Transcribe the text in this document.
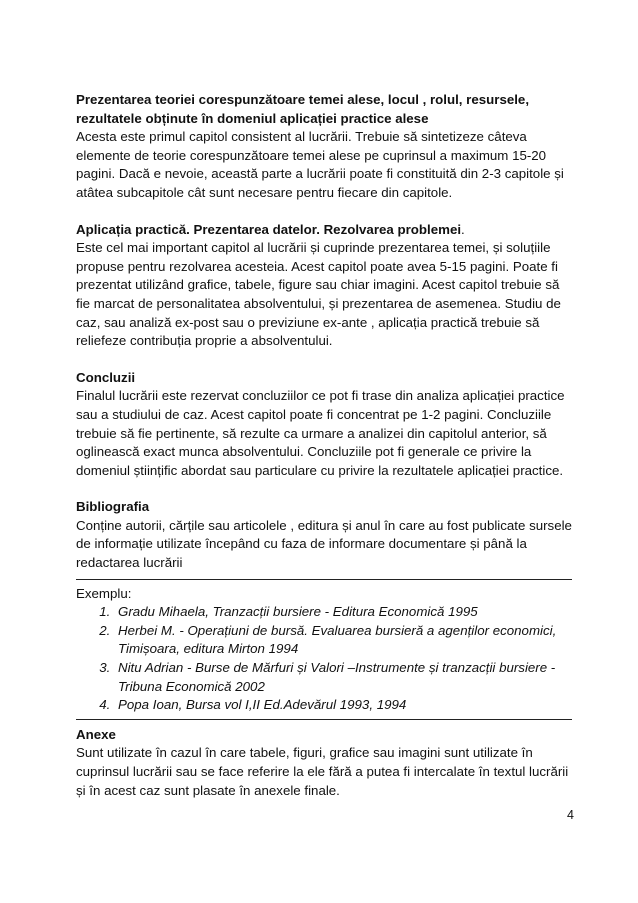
Prezentarea teoriei corespunzătoare temei alese, locul , rolul, resursele, rezultatele obținute în domeniul aplicației practice alese

Acesta este primul capitol consistent al lucrării. Trebuie să sintetizeze câteva elemente de teorie corespunzătoare temei alese pe cuprinsul a maximum 15-20 pagini. Dacă e nevoie, această parte a lucrării poate fi constituită din 2-3 capitole și atâtea subcapitole cât sunt necesare pentru fiecare din capitole.

Aplicația practică. Prezentarea datelor. Rezolvarea problemei.

Este cel mai important capitol al lucrării și cuprinde prezentarea temei, și soluțiile propuse pentru rezolvarea acesteia. Acest capitol poate avea 5-15 pagini. Poate fi prezentat utilizând grafice, tabele, figure sau chiar imagini. Acest capitol trebuie să fie marcat de personalitatea absolventului, și prezentarea de asemenea. Studiu de caz, sau analiză ex-post sau o previziune ex-ante , aplicația practică trebuie să reliefeze contribuția proprie a absolventului.

Concluzii

Finalul lucrării este rezervat concluziilor ce pot fi trase din analiza aplicației practice sau a studiului de caz. Acest capitol poate fi concentrat pe 1-2 pagini. Concluziile trebuie să fie pertinente, să rezulte ca urmare a analizei din capitolul anterior, să oglinească exact munca absolventului. Concluziile pot fi generale ce privire la domeniul științific abordat sau particulare cu privire la rezultatele aplicației practice.

Bibliografia

Conține autorii, cărțile sau articolele , editura și anul în care au fost publicate sursele de informație utilizate începând cu faza de informare documentare și până la redactarea lucrării

Exemplu:

1. Gradu Mihaela, Tranzacții bursiere - Editura Economică 1995
2. Herbei M. - Operațiuni de bursă. Evaluarea bursieră a agenților economici, Timișoara, editura Mirton 1994
3. Nitu Adrian - Burse de Mărfuri și Valori –Instrumente și tranzacții bursiere - Tribuna Economică 2002
4. Popa Ioan, Bursa vol I,II Ed.Adevărul 1993, 1994

Anexe

Sunt utilizate în cazul în care tabele, figuri, grafice sau imagini sunt utilizate în cuprinsul lucrării sau se face referire la ele fără a putea fi intercalate în textul lucrării și în acest caz sunt plasate în anexele finale.

4
